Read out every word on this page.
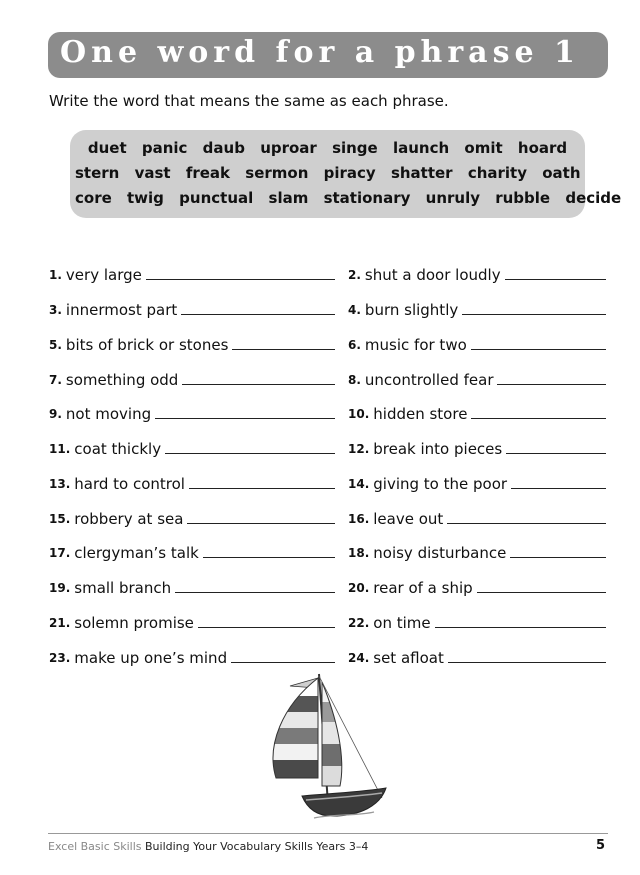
One word for a phrase 1
Write the word that means the same as each phrase.
duet panic daub uproar singe launch omit hoard
stern vast freak sermon piracy shatter charity oath
core twig punctual slam stationary unruly rubble decide
1. very large	2. shut a door loudly
3. innermost part	4. burn slightly
5. bits of brick or stones	6. music for two
7. something odd	8. uncontrolled fear
9. not moving	10. hidden store
11. coat thickly	12. break into pieces
13. hard to control	14. giving to the poor
15. robbery at sea	16. leave out
17. clergyman’s talk	18. noisy disturbance
19. small branch	20. rear of a ship
21. solemn promise	22. on time
23. make up one’s mind	24. set afloat
Excel Basic Skills Building Your Vocabulary Skills Years 3–4	5
